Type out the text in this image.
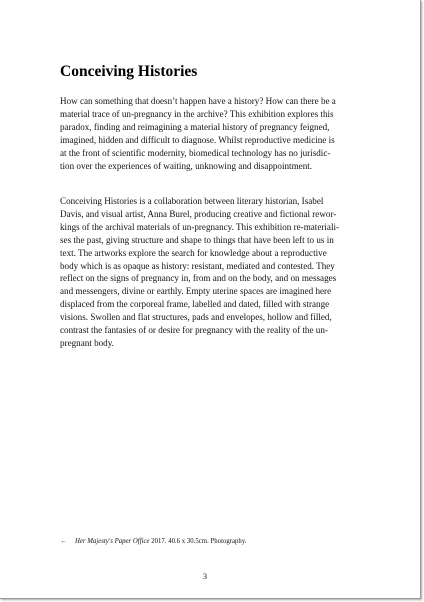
Conceiving Histories
How can something that doesn’t happen have a history? How can there be a
material trace of un-pregnancy in the archive? This exhibition explores this
paradox, finding and reimagining a material history of pregnancy feigned,
imagined, hidden and difficult to diagnose. Whilst reproductive medicine is
at the front of scientific modernity, biomedical technology has no jurisdic-
tion over the experiences of waiting, unknowing and disappointment.
Conceiving Histories is a collaboration between literary historian, Isabel
Davis, and visual artist, Anna Burel, producing creative and fictional rewor-
kings of the archival materials of un-pregnancy. This exhibition re-materiali-
ses the past, giving structure and shape to things that have been left to us in
text. The artworks explore the search for knowledge about a reproductive
body which is as opaque as history: resistant, mediated and contested. They
reflect on the signs of pregnancy in, from and on the body, and on messages
and messengers, divine or earthly. Empty uterine spaces are imagined here
displaced from the corporeal frame, labelled and dated, filled with strange
visions. Swollen and flat structures, pads and envelopes, hollow and filled,
contrast the fantasies of or desire for pregnancy with the reality of the un-
pregnant body.
← Her Majesty's Paper Office 2017. 40.6 x 30.5cm. Photography.
3
